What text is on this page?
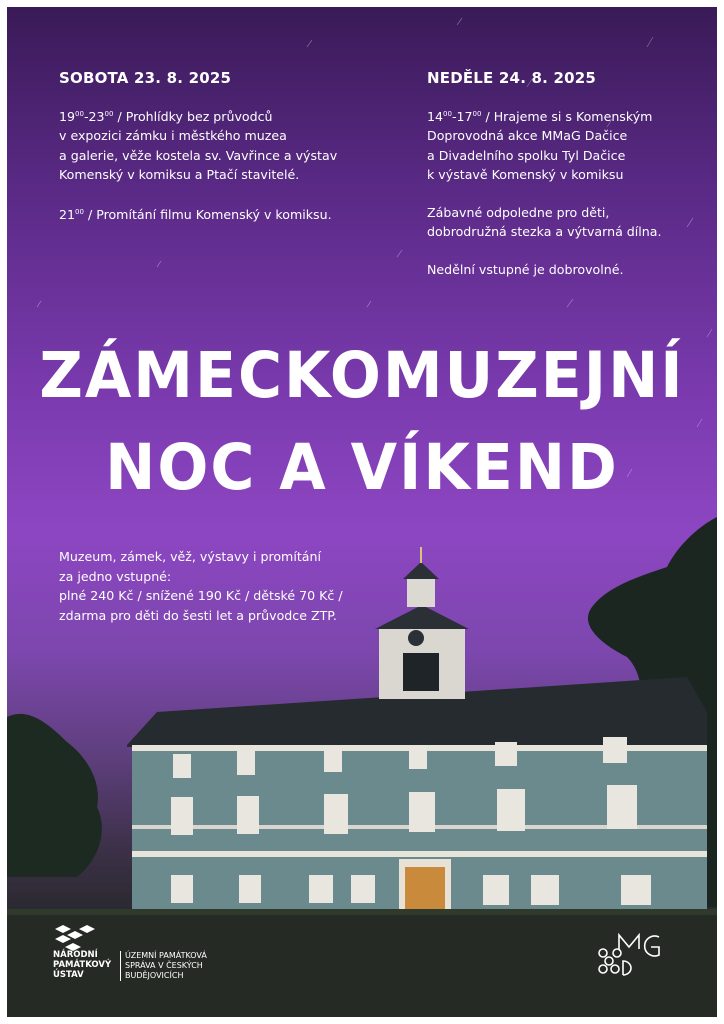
SOBOTA 23. 8. 2025
$19^{00}-23^{00}$ / Prohlídky bez průvodců
v expozici zámku i městkého muzea
a galerie, věže kostela sv. Vavřince a výstav
Komenský v komiksu a Ptačí stavitelé.
$21^{00}$ / Promítání filmu Komenský v komiksu.
NEDĚLE 24. 8. 2025
$14^{00}-17^{00}$ / Hrajeme si s Komenským
Doprovodná akce MMaG Dačice
a Divadelního spolku Tyl Dačice
k výstavě Komenský v komiksu
Zábavné odpoledne pro děti,
dobrodružná stezka a výtvarná dílna.
Nedělní vstupné je dobrovolné.
ZÁMECKOMUZEJNÍ
NOC A VÍKEND
Muzeum, zámek, věž, výstavy i promítání
za jedno vstupné:
plné 240 Kč / snížené 190 Kč / dětské 70 Kč /
zdarma pro děti do šesti let a průvodce ZTP.
NÁRODNÍ
PAMÁTKOVÝ
ÚSTAV
ÚZEMNÍ PAMÁTKOVÁ
SPRÁVA V ČESKÝCH
BUDĚJOVICÍCH
